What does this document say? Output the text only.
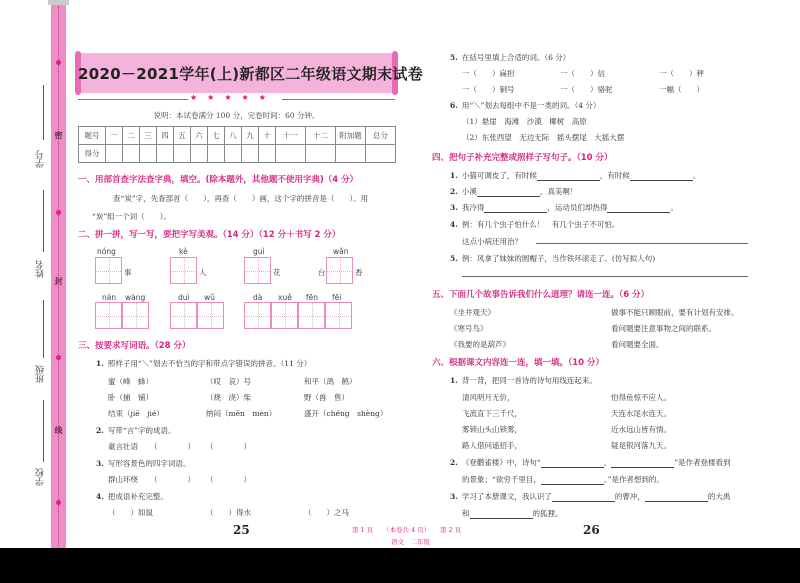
密
封
线
学号
姓名
班级
学校
2020－2021学年(上)新都区二年级语文期末试卷
★★★★★
说明：本试卷满分 100 分，完卷时间：60 分钟。
题号	一	二	三	四	五	六	七	八	九	十	十一	十二	附加题	总分
得分														
一、用部首查字法查字典，填空。(除本题外，其他题不使用字典)（4 分）
查“炭”字，先查部首（　　），再查（　　）画，这个字的拼音是（　　）。用
“炭”组一个词（　　）。
二、拼一拼，写一写，要把字写美观。（14 分）（12 分＋书写 2 分）
nóng
事
kè
人
guì
花	台
wǎn
香
nán wàng	duì wǔ	dà xuě fēn fēi
三、按要求写词语。（28 分）
1. 照样子用“＼”划去不恰当的字和带点字错误的拼音。（11 分）
蜜（峰　蜂）	（哎　哀）号	和平（鸽　鹤）
卧（捕　铺）	（烧　浇）柴	野（兽　售）
结束（jiē　jié）	纳闷（mēn　mèn）	盛开（chéng　shèng）
2. 写带“言”字的成语。
豪言壮语 （　　　　） （　　　　）
3. 写形容景色的四字词语。
群山环绕 （　　　　） （　　　　）
4. 把成语补充完整。
（　　）如鼠	（　　）得水	（　　）之马
25
5. 在括号里填上合适的词。（6 分）
一（　　）扁担	一（　　）信	一（　　）秤
一（　　）铜号	一（　　）骆驼	一幅（　　）
6. 用“＼”划去每组中不是一类的词。（4 分）
（1）悬崖　海滩　沙漠　椰树　高原
（2）东张西望　无边无际　摇头摆尾　大摇大摆
四、把句子补充完整或照样子写句子。（10 分）
1. 小猫可调皮了，有时候	，有时候	。
2. 小溪	，真美啊！
3. 我冷得	，运动员们却热得	。
4. 例：有几个虫子怕什么！　有几个虫子不可怕。
这点小病还用治？
5. 例：风拿了妹妹的圆帽子，当作铁环滚走了。(仿写拟人句)
五、下面几个故事告诉我们什么道理？请连一连。（6 分）
《坐井观天》
《寒号鸟》
《我要的是葫芦》
做事不能只顾眼前，要有计划有安排。
看问题要注意事物之间的联系。
看问题要全面。
六、根据课文内容连一连，填一填。（10 分）
1. 背一背，把同一首诗的诗句用线连起来。
清风明月无价，
飞流直下三千尺，
雾锁山头山锁雾，
路人借问遥招手，
怕得鱼惊不应人。
天连水尾水连天。
近水远山皆有情。
疑是银河落九天。
2. 《登鹳雀楼》中，诗句“	，	”是作者登楼看到
的景象；“欲穷千里目，	。”是作者想到的。
3. 学习了本册课文，我认识了	的曹冲，	的大禹
和	的狐狸。
26
第 1 页　　（本卷共 4 页）　　第 2 页
语文　二年级
